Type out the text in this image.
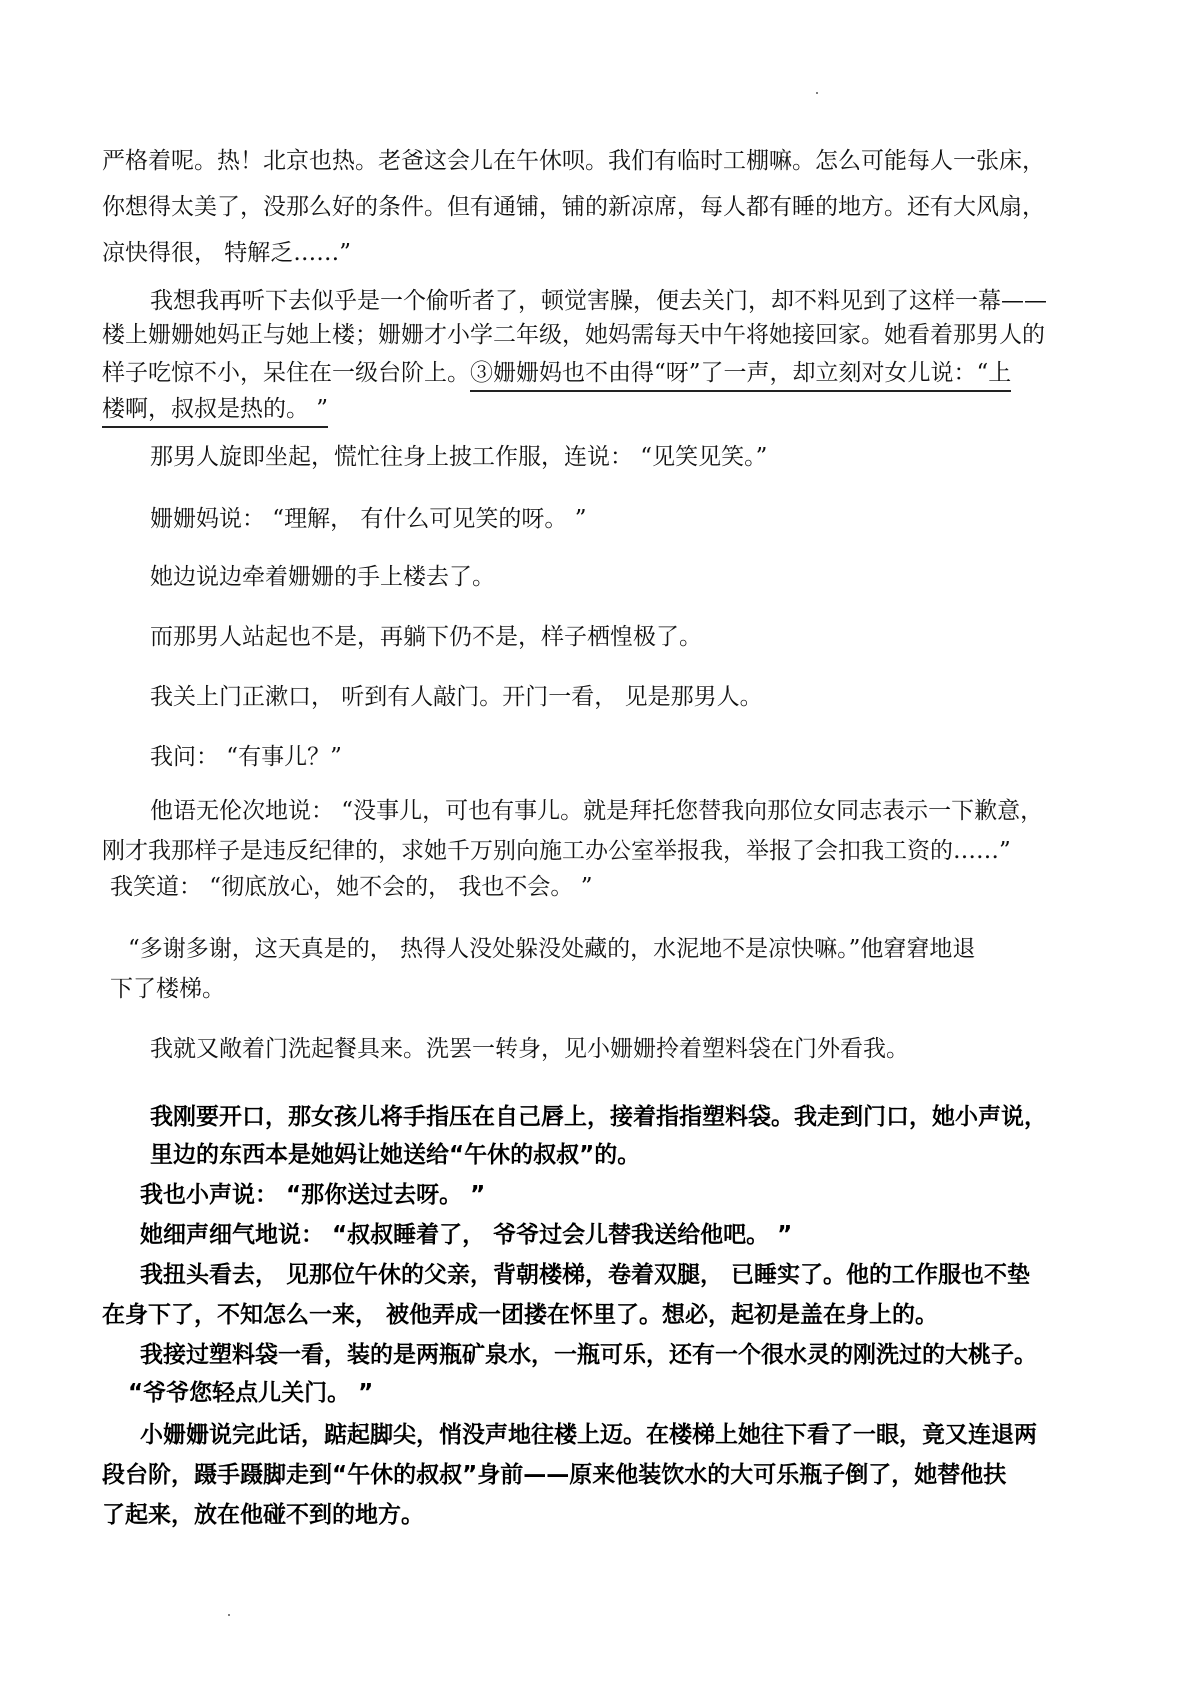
严格着呢。热！北京也热。老爸这会儿在午休呗。我们有临时工棚嘛。怎么可能每人一张床，
你想得太美了，没那么好的条件。但有通铺，铺的新凉席，每人都有睡的地方。还有大风扇，
凉快得很， 特解乏……”
我想我再听下去似乎是一个偷听者了，顿觉害臊，便去关门，却不料见到了这样一幕——
楼上姗姗她妈正与她上楼；姗姗才小学二年级，她妈需每天中午将她接回家。她看着那男人的
样子吃惊不小，呆住在一级台阶上。③姗姗妈也不由得“呀”了一声，却立刻对女儿说：“上
楼啊，叔叔是热的。 ”
那男人旋即坐起，慌忙往身上披工作服，连说： “见笑见笑。”
姗姗妈说： “理解， 有什么可见笑的呀。 ”
她边说边牵着姗姗的手上楼去了。
而那男人站起也不是，再躺下仍不是，样子栖惶极了。
我关上门正漱口， 听到有人敲门。开门一看， 见是那男人。
我问： “有事儿？”
他语无伦次地说： “没事儿，可也有事儿。就是拜托您替我向那位女同志表示一下歉意，
刚才我那样子是违反纪律的，求她千万别向施工办公室举报我，举报了会扣我工资的……”
我笑道： “彻底放心，她不会的， 我也不会。 ”
“多谢多谢，这天真是的， 热得人没处躲没处藏的，水泥地不是凉快嘛。”他窘窘地退
下了楼梯。
我就又敞着门洗起餐具来。洗罢一转身，见小姗姗拎着塑料袋在门外看我。
我刚要开口，那女孩儿将手指压在自己唇上，接着指指塑料袋。我走到门口，她小声说，
里边的东西本是她妈让她送给“午休的叔叔”的。
我也小声说： “那你送过去呀。 ”
她细声细气地说： “叔叔睡着了， 爷爷过会儿替我送给他吧。 ”
我扭头看去， 见那位午休的父亲，背朝楼梯，卷着双腿， 已睡实了。他的工作服也不垫
在身下了，不知怎么一来， 被他弄成一团搂在怀里了。想必，起初是盖在身上的。
我接过塑料袋一看，装的是两瓶矿泉水，一瓶可乐，还有一个很水灵的刚洗过的大桃子。
“爷爷您轻点儿关门。 ”
小姗姗说完此话，踮起脚尖，悄没声地往楼上迈。在楼梯上她往下看了一眼，竟又连退两
段台阶，蹑手蹑脚走到“午休的叔叔”身前——原来他装饮水的大可乐瓶子倒了，她替他扶
了起来，放在他碰不到的地方。
